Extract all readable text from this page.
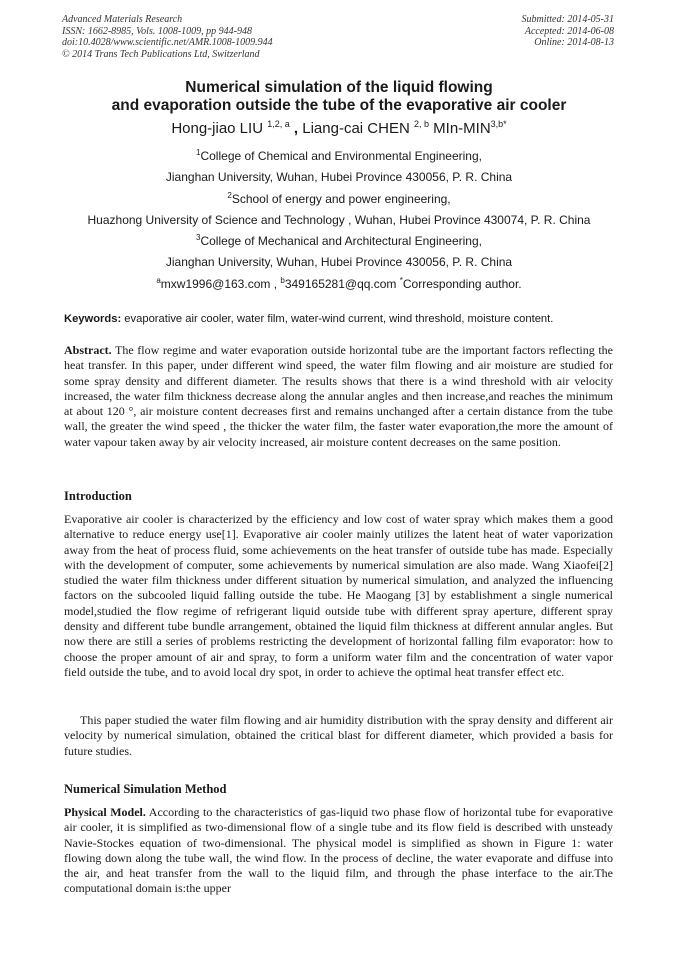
Advanced Materials Research
ISSN: 1662-8985, Vols. 1008-1009, pp 944-948
doi:10.4028/www.scientific.net/AMR.1008-1009.944
© 2014 Trans Tech Publications Ltd, Switzerland
Submitted: 2014-05-31
Accepted: 2014-06-08
Online: 2014-08-13
Numerical simulation of the liquid flowing
and evaporation outside the tube of the evaporative air cooler
Hong-jiao LIU $^{1,2, a}$ , Liang-cai CHEN $^{2, b}$ MIn-$MIN^{3,b*}$
$^1$College of Chemical and Environmental Engineering,
Jianghan University, Wuhan, Hubei Province 430056, P. R. China
$^2$School of energy and power engineering,
Huazhong University of Science and Technology , Wuhan, Hubei Province 430074, P. R. China
$^3$College of Mechanical and Architectural Engineering,
Jianghan University, Wuhan, Hubei Province 430056, P. R. China
$^a$mxw1996@163.com , $^b$349165281@qq.com *Corresponding author.
Keywords: evaporative air cooler, water film, water-wind current, wind threshold, moisture content.

Abstract. The flow regime and water evaporation outside horizontal tube are the important factors reflecting the heat transfer. In this paper, under different wind speed, the water film flowing and air moisture are studied for some spray density and different diameter. The results shows that there is a wind threshold with air velocity increased, the water film thickness decrease along the annular angles and then increase,and reaches the minimum at about 120 °, air moisture content decreases first and remains unchanged after a certain distance from the tube wall, the greater the wind speed , the thicker the water film, the faster water evaporation,the more the amount of water vapour taken away by air velocity increased, air moisture content decreases on the same position.

Introduction

Evaporative air cooler is characterized by the efficiency and low cost of water spray which makes them a good alternative to reduce energy use[1]. Evaporative air cooler mainly utilizes the latent heat of water vaporization away from the heat of process fluid, some achievements on the heat transfer of outside tube has made. Especially with the development of computer, some achievements by numerical simulation are also made. Wang Xiaofei[2] studied the water film thickness under different situation by numerical simulation, and analyzed the influencing factors on the subcooled liquid falling outside the tube. He Maogang [3] by establishment a single numerical model,studied the flow regime of refrigerant liquid outside tube with different spray aperture, different spray density and different tube bundle arrangement, obtained the liquid film thickness at different annular angles. But now there are still a series of problems restricting the development of horizontal falling film evaporator: how to choose the proper amount of air and spray, to form a uniform water film and the concentration of water vapor field outside the tube, and to avoid local dry spot, in order to achieve the optimal heat transfer effect etc.

This paper studied the water film flowing and air humidity distribution with the spray density and different air velocity by numerical simulation, obtained the critical blast for different diameter, which provided a basis for future studies.

Numerical Simulation Method

Physical Model. According to the characteristics of gas-liquid two phase flow of horizontal tube for evaporative air cooler, it is simplified as two-dimensional flow of a single tube and its flow field is described with unsteady Navie-Stockes equation of two-dimensional. The physical model is simplified as shown in Figure 1: water flowing down along the tube wall, the wind flow. In the process of decline, the water evaporate and diffuse into the air, and heat transfer from the wall to the liquid film, and through the phase interface to the air.The computational domain is:the upper
